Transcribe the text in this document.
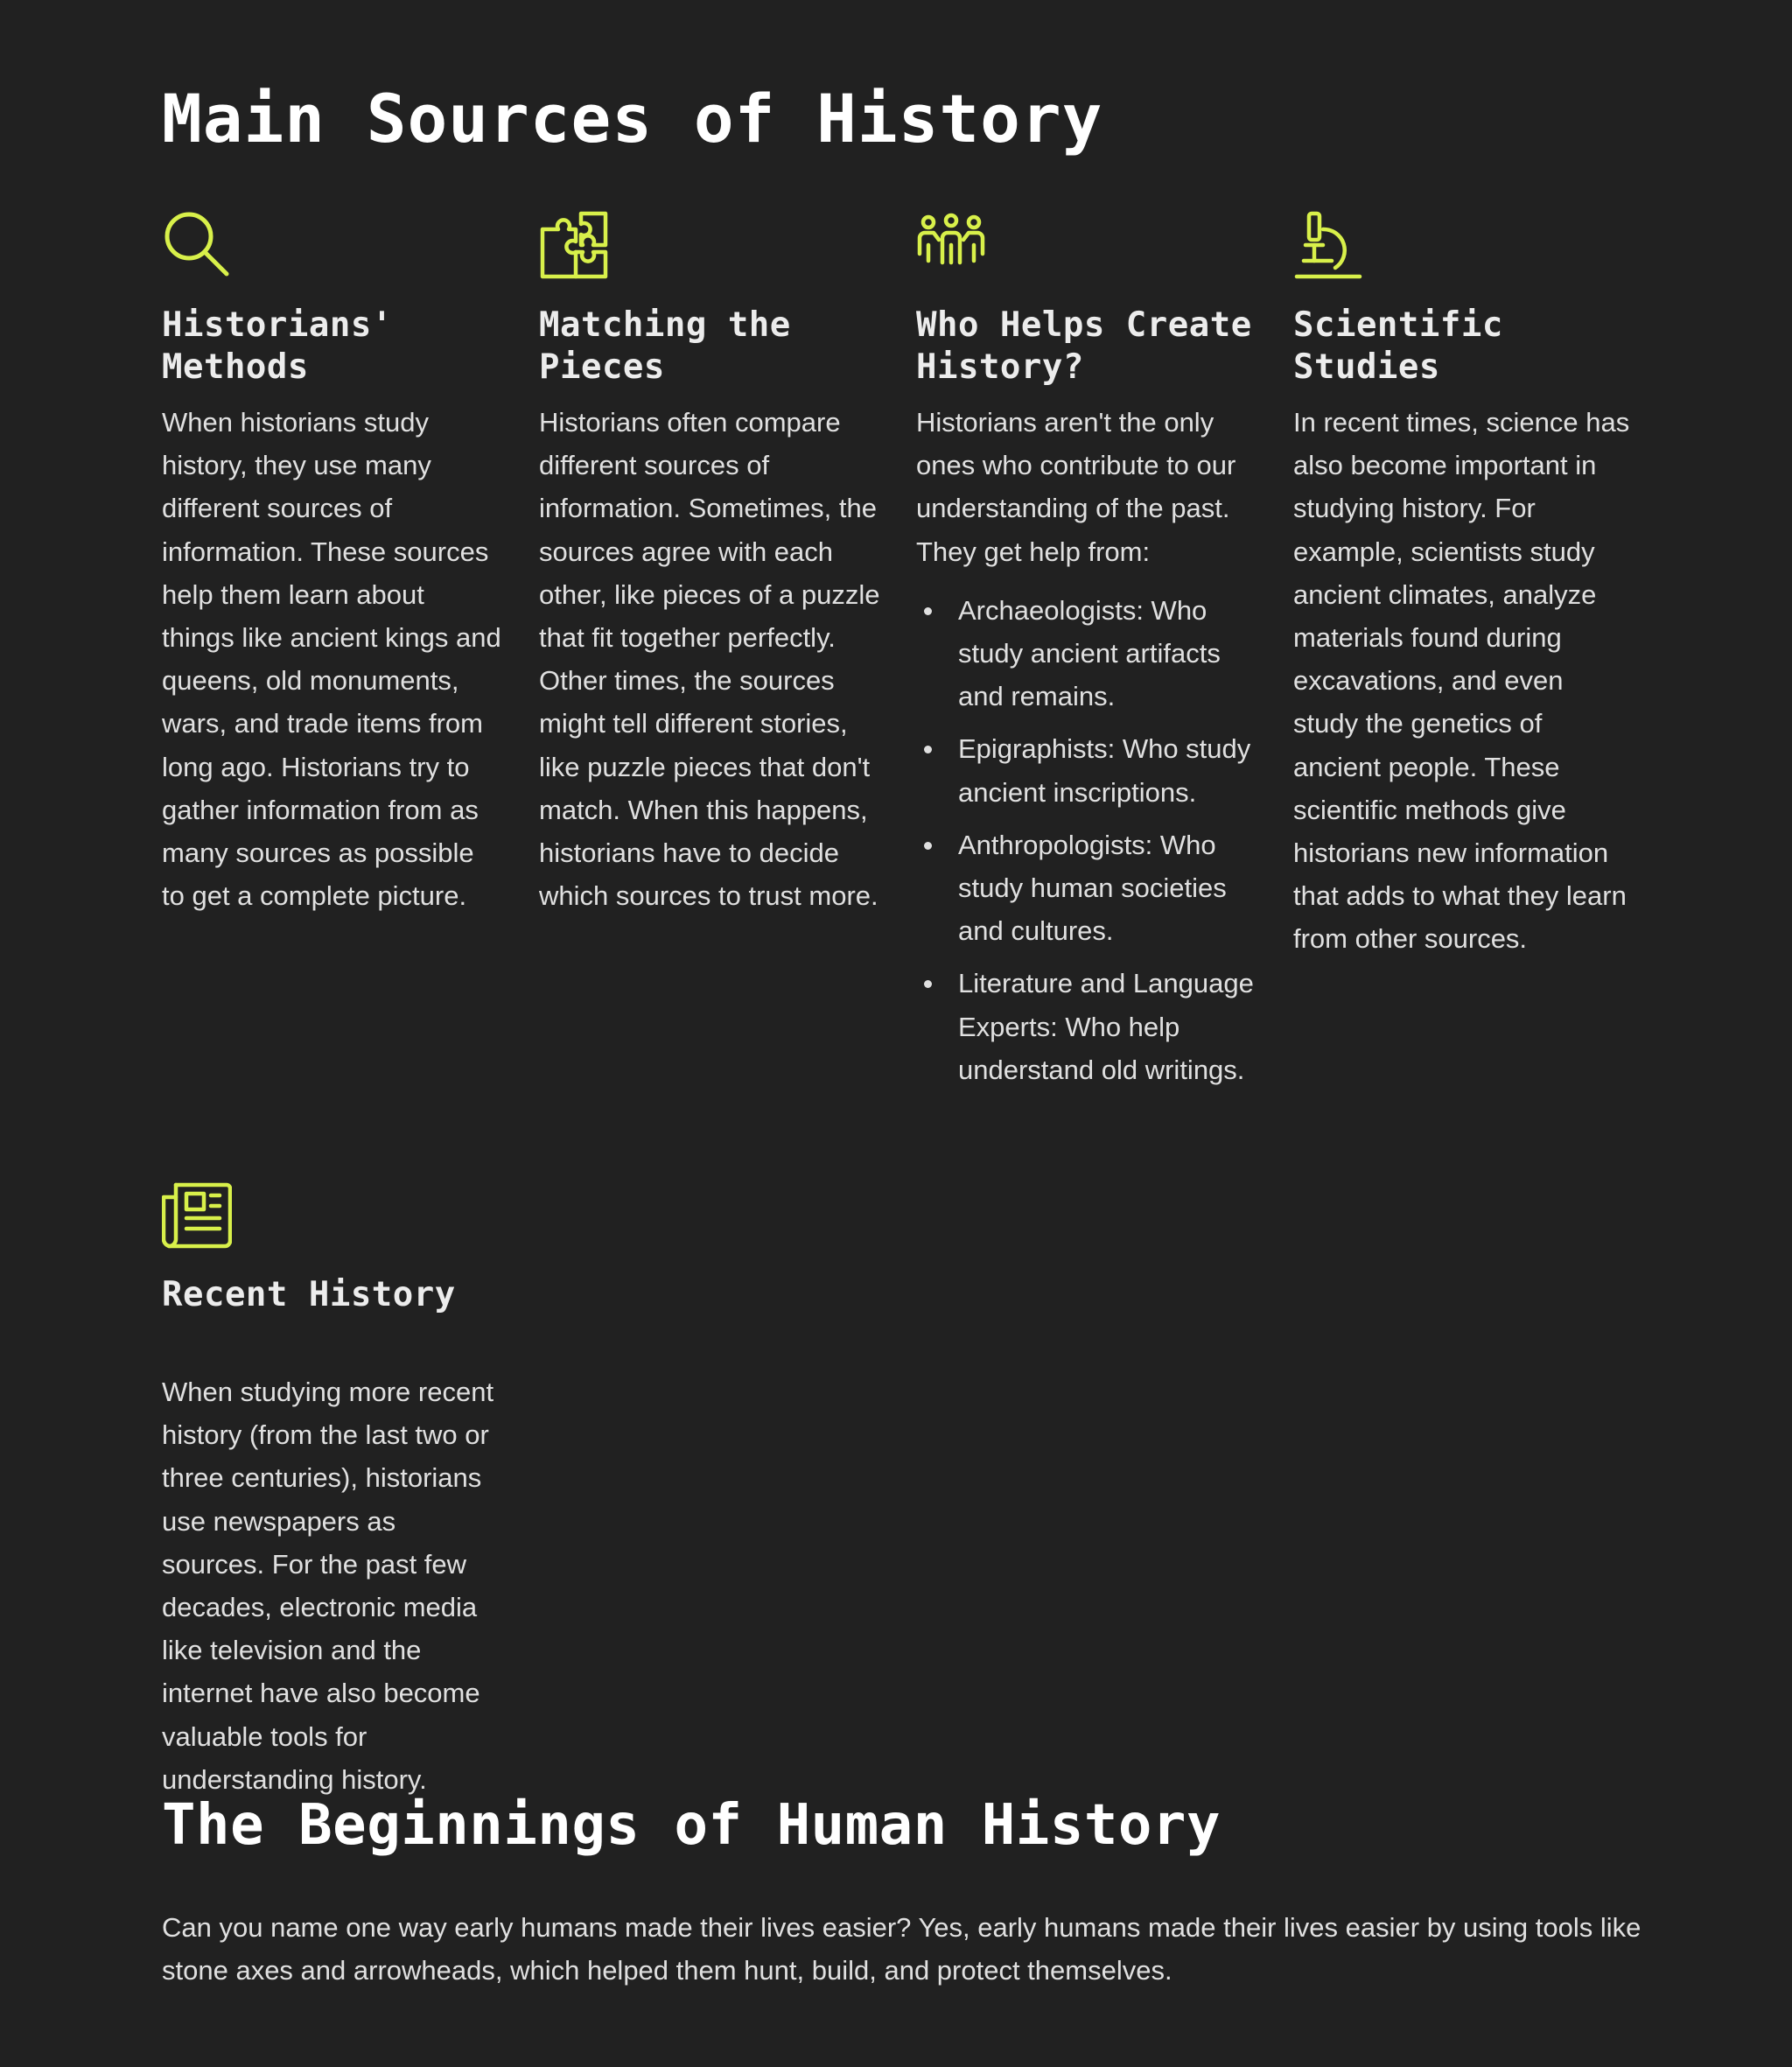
Main Sources of History
Historians' Methods

When historians study history, they use many different sources of information. These sources help them learn about things like ancient kings and queens, old monuments, wars, and trade items from long ago. Historians try to gather information from as many sources as possible to get a complete picture.

Matching the Pieces

Historians often compare different sources of information. Sometimes, the sources agree with each other, like pieces of a puzzle that fit together perfectly. Other times, the sources might tell different stories, like puzzle pieces that don't match. When this happens, historians have to decide which sources to trust more.

Who Helps Create History?

Historians aren't the only ones who contribute to our understanding of the past. They get help from:

Archaeologists: Who study ancient artifacts and remains.
Epigraphists: Who study ancient inscriptions.
Anthropologists: Who study human societies and cultures.
Literature and Language Experts: Who help understand old writings.
Scientific Studies

In recent times, science has also become important in studying history. For example, scientists study ancient climates, analyze materials found during excavations, and even study the genetics of ancient people. These scientific methods give historians new information that adds to what they learn from other sources.

Recent History

When studying more recent history (from the last two or three centuries), historians use newspapers as sources. For the past few decades, electronic media like television and the internet have also become valuable tools for understanding history.

The Beginnings of Human History

Can you name one way early humans made their lives easier? Yes, early humans made their lives easier by using tools like stone axes and arrowheads, which helped them hunt, build, and protect themselves.
